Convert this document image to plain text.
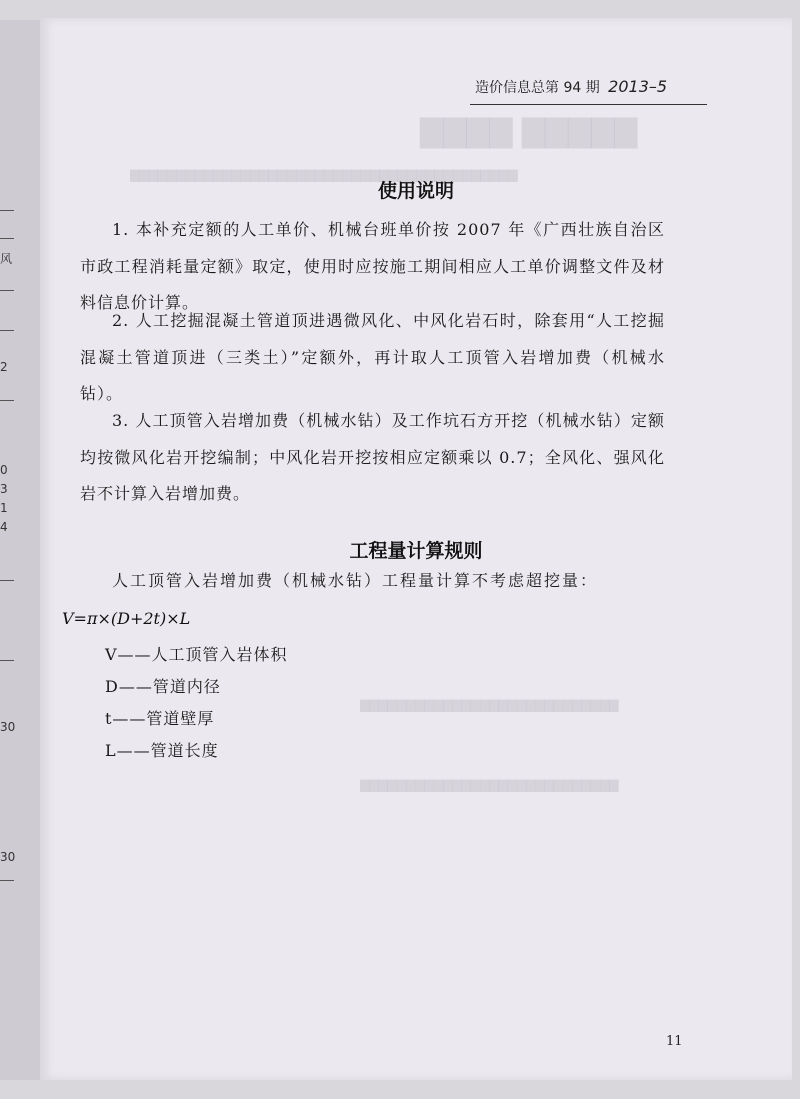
风
2
0
3
1
4
30
30
▇▇▇▇ ▇▇▇▇▇
▇▇▇▇▇▇▇▇▇▇▇▇▇▇▇▇▇▇▇▇▇▇▇▇▇▇▇▇▇▇▇▇▇▇▇▇▇▇▇▇▇▇
▇▇▇▇▇▇▇▇▇▇▇▇▇▇▇▇▇▇▇▇▇▇▇▇▇▇▇▇
▇▇▇▇▇▇▇▇▇▇▇▇▇▇▇▇▇▇▇▇▇▇▇▇▇▇▇▇
造价信息总第 94 期 2013–5
使用说明
1. 本补充定额的人工单价、机械台班单价按 2007 年《广西壮族自治区市政工程消耗量定额》取定，使用时应按施工期间相应人工单价调整文件及材料信息价计算。
2. 人工挖掘混凝土管道顶进遇微风化、中风化岩石时，除套用“人工挖掘混凝土管道顶进（三类土）”定额外，再计取人工顶管入岩增加费（机械水钻）。
3. 人工顶管入岩增加费（机械水钻）及工作坑石方开挖（机械水钻）定额均按微风化岩开挖编制；中风化岩开挖按相应定额乘以 0.7；全风化、强风化岩不计算入岩增加费。
工程量计算规则
人工顶管入岩增加费（机械水钻）工程量计算不考虑超挖量：
V=π×(D+2t)×L
V——人工顶管入岩体积
D——管道内径
t——管道壁厚
L——管道长度
11
